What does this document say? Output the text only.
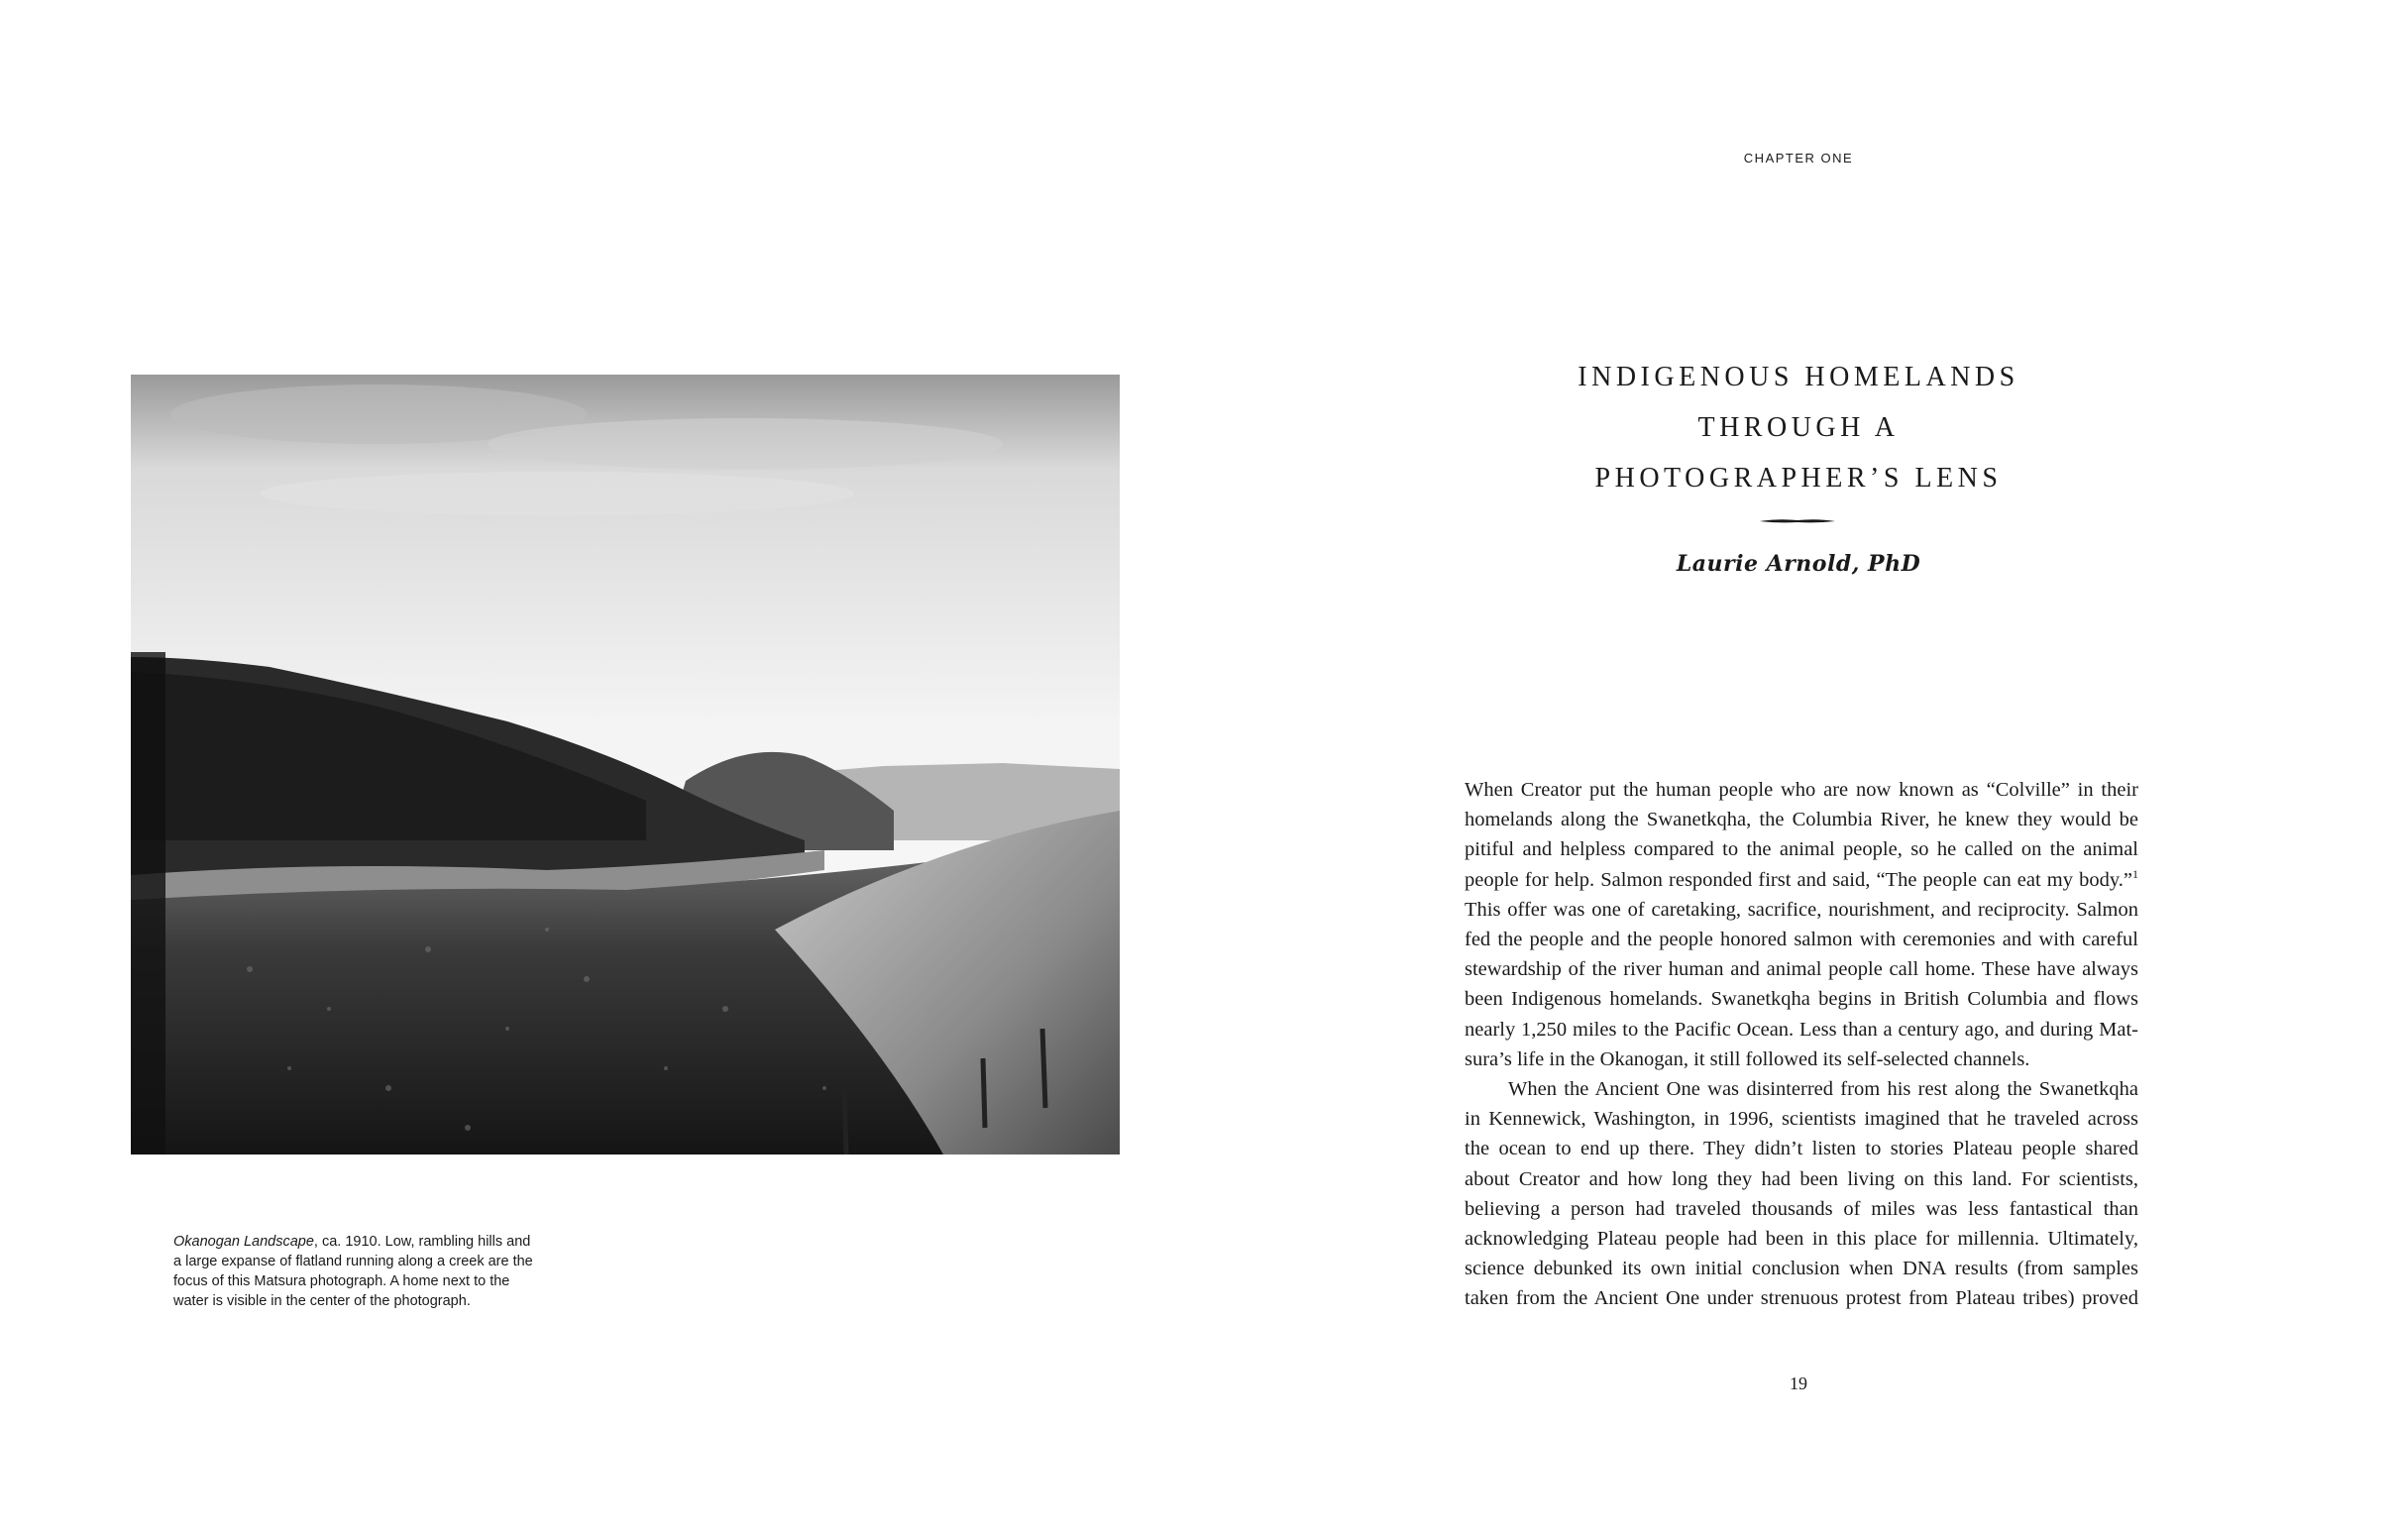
Okanogan Landscape, ca. 1910. Low, rambling hills and
a large expanse of flatland running along a creek are the
focus of this Matsura photograph. A home next to the
water is visible in the center of the photograph.

CHAPTER ONE
INDIGENOUS HOMELANDS
THROUGH A
PHOTOGRAPHER’S LENS
Laurie Arnold, PhD
When Creator put the human people who are now known as “Colville” in their
homelands along the Swanetkqha, the Columbia River, he knew they would be
pitiful and helpless compared to the animal people, so he called on the animal
people for help. Salmon responded first and said, “The people can eat my body.”$^1$
This offer was one of caretaking, sacrifice, nourishment, and reciprocity. Salmon
fed the people and the people honored salmon with ceremonies and with careful
stewardship of the river human and animal people call home. These have always
been Indigenous homelands. Swanetkqha begins in British Columbia and flows
nearly 1,250 miles to the Pacific Ocean. Less than a century ago, and during Mat-
sura’s life in the Okanogan, it still followed its self-selected channels.
When the Ancient One was disinterred from his rest along the Swanetkqha
in Kennewick, Washington, in 1996, scientists imagined that he traveled across
the ocean to end up there. They didn’t listen to stories Plateau people shared
about Creator and how long they had been living on this land. For scientists,
believing a person had traveled thousands of miles was less fantastical than
acknowledging Plateau people had been in this place for millennia. Ultimately,
science debunked its own initial conclusion when DNA results (from samples
taken from the Ancient One under strenuous protest from Plateau tribes) proved
19
